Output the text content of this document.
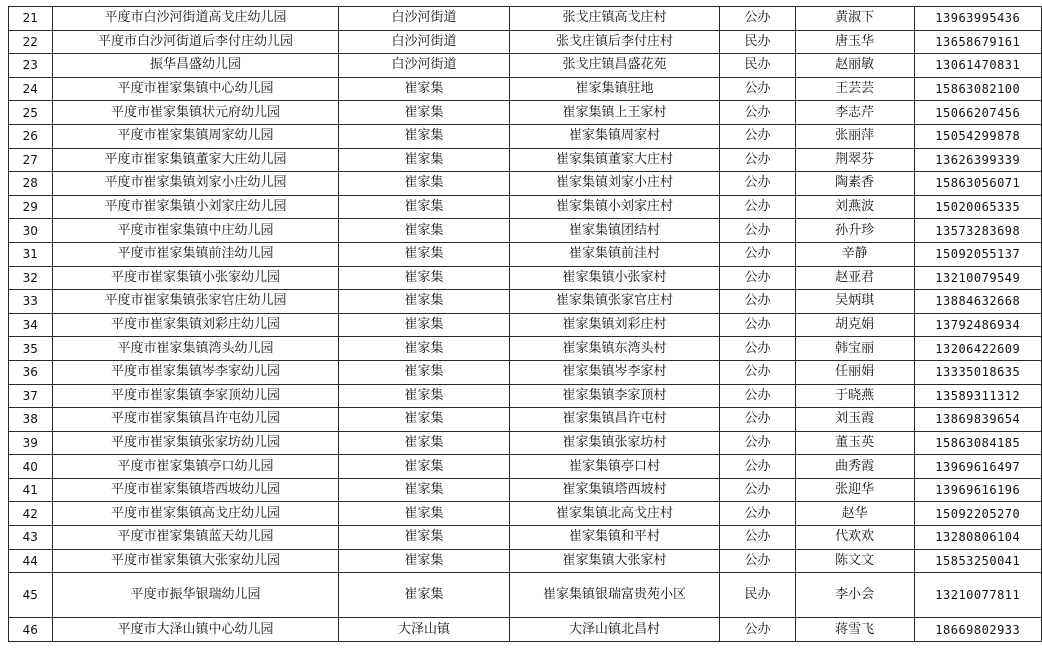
21	平度市白沙河街道高戈庄幼儿园	白沙河街道	张戈庄镇高戈庄村	公办	黄淑下	13963995436
22	平度市白沙河街道后李付庄幼儿园	白沙河街道	张戈庄镇后李付庄村	民办	唐玉华	13658679161
23	振华昌盛幼儿园	白沙河街道	张戈庄镇昌盛花苑	民办	赵丽敏	13061470831
24	平度市崔家集镇中心幼儿园	崔家集	崔家集镇驻地	公办	王芸芸	15863082100
25	平度市崔家集镇状元府幼儿园	崔家集	崔家集镇上王家村	公办	李志芹	15066207456
26	平度市崔家集镇周家幼儿园	崔家集	崔家集镇周家村	公办	张丽萍	15054299878
27	平度市崔家集镇董家大庄幼儿园	崔家集	崔家集镇董家大庄村	公办	荆翠芬	13626399339
28	平度市崔家集镇刘家小庄幼儿园	崔家集	崔家集镇刘家小庄村	公办	陶素香	15863056071
29	平度市崔家集镇小刘家庄幼儿园	崔家集	崔家集镇小刘家庄村	公办	刘燕波	15020065335
30	平度市崔家集镇中庄幼儿园	崔家集	崔家集镇团结村	公办	孙升珍	13573283698
31	平度市崔家集镇前洼幼儿园	崔家集	崔家集镇前洼村	公办	辛静	15092055137
32	平度市崔家集镇小张家幼儿园	崔家集	崔家集镇小张家村	公办	赵亚君	13210079549
33	平度市崔家集镇张家官庄幼儿园	崔家集	崔家集镇张家官庄村	公办	吴炳琪	13884632668
34	平度市崔家集镇刘彩庄幼儿园	崔家集	崔家集镇刘彩庄村	公办	胡克娟	13792486934
35	平度市崔家集镇湾头幼儿园	崔家集	崔家集镇东湾头村	公办	韩宝丽	13206422609
36	平度市崔家集镇岑李家幼儿园	崔家集	崔家集镇岑李家村	公办	任丽娟	13335018635
37	平度市崔家集镇李家顶幼儿园	崔家集	崔家集镇李家顶村	公办	于晓燕	13589311312
38	平度市崔家集镇昌许屯幼儿园	崔家集	崔家集镇昌许屯村	公办	刘玉霞	13869839654
39	平度市崔家集镇张家坊幼儿园	崔家集	崔家集镇张家坊村	公办	董玉英	15863084185
40	平度市崔家集镇亭口幼儿园	崔家集	崔家集镇亭口村	公办	曲秀霞	13969616497
41	平度市崔家集镇塔西坡幼儿园	崔家集	崔家集镇塔西坡村	公办	张迎华	13969616196
42	平度市崔家集镇高戈庄幼儿园	崔家集	崔家集镇北高戈庄村	公办	赵华	15092205270
43	平度市崔家集镇蓝天幼儿园	崔家集	崔家集镇和平村	公办	代欢欢	13280806104
44	平度市崔家集镇大张家幼儿园	崔家集	崔家集镇大张家村	公办	陈文文	15853250041
45	平度市振华银瑞幼儿园	崔家集	崔家集镇银瑞富贵苑小区	民办	李小会	13210077811
46	平度市大泽山镇中心幼儿园	大泽山镇	大泽山镇北昌村	公办	蒋雪飞	18669802933
